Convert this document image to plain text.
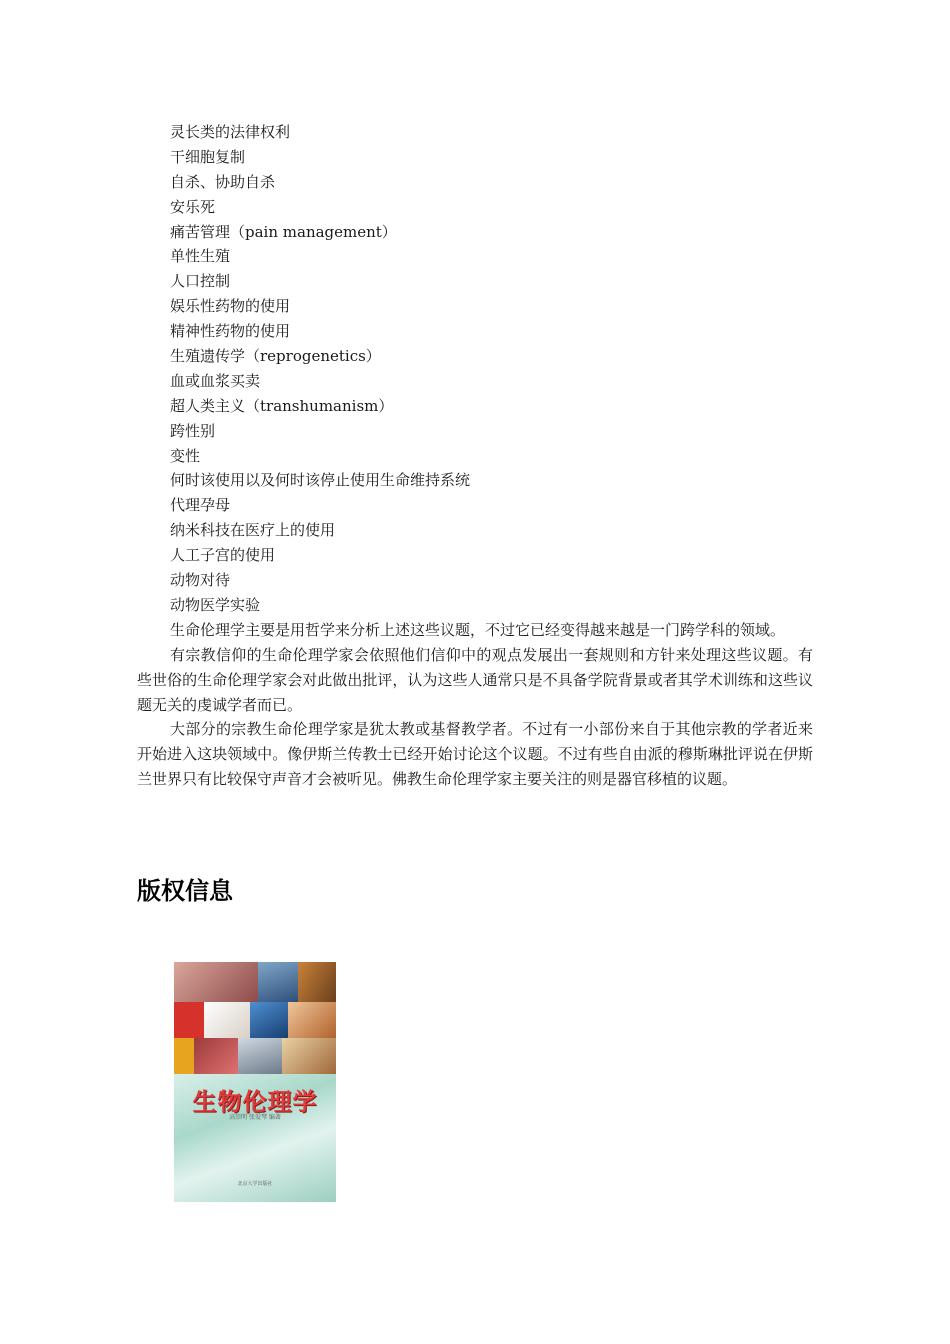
灵长类的法律权利
干细胞复制
自杀、协助自杀
安乐死
痛苦管理（pain management）
单性生殖
人口控制
娱乐性药物的使用
精神性药物的使用
生殖遗传学（reprogenetics）
血或血浆买卖
超人类主义（transhumanism）
跨性别
变性
何时该使用以及何时该停止使用生命维持系统
代理孕母
纳米科技在医疗上的使用
人工子宫的使用
动物对待
动物医学实验

生命伦理学主要是用哲学来分析上述这些议题，不过它已经变得越来越是一门跨学科的领域。

有宗教信仰的生命伦理学家会依照他们信仰中的观点发展出一套规则和方针来处理这些议题。有些世俗的生命伦理学家会对此做出批评，认为这些人通常只是不具备学院背景或者其学术训练和这些议题无关的虔诚学者而已。

大部分的宗教生命伦理学家是犹太教或基督教学者。不过有一小部份来自于其他宗教的学者近来开始进入这块领域中。像伊斯兰传教士已经开始讨论这个议题。不过有些自由派的穆斯琳批评说在伊斯兰世界只有比较保守声音才会被听见。佛教生命伦理学家主要关注的则是器官移植的议题。

版权信息
生物伦理学
高崇明 张爱琴 编著
北京大学出版社
